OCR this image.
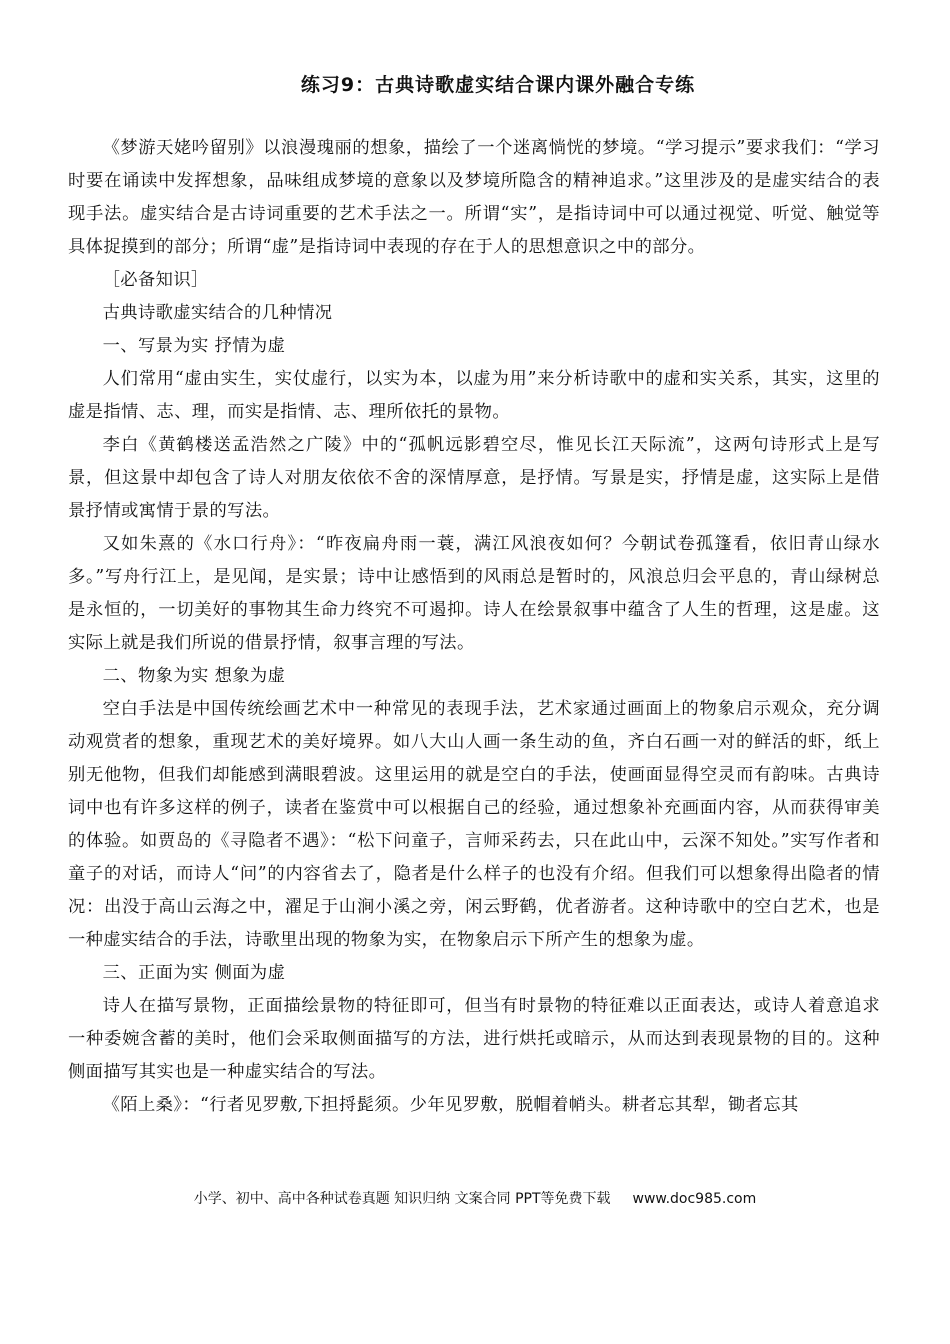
练习9：古典诗歌虚实结合课内课外融合专练

《梦游天姥吟留别》以浪漫瑰丽的想象，描绘了一个迷离惝恍的梦境。“学习提示”要求我们：“学习时要在诵读中发挥想象，品味组成梦境的意象以及梦境所隐含的精神追求。”这里涉及的是虚实结合的表现手法。虚实结合是古诗词重要的艺术手法之一。所谓“实”，是指诗词中可以通过视觉、听觉、触觉等具体捉摸到的部分；所谓“虚”是指诗词中表现的存在于人的思想意识之中的部分。

［必备知识］

古典诗歌虚实结合的几种情况

一、写景为实 抒情为虚

人们常用“虚由实生，实仗虚行，以实为本，以虚为用”来分析诗歌中的虚和实关系，其实，这里的虚是指情、志、理，而实是指情、志、理所依托的景物。

李白《黄鹤楼送孟浩然之广陵》中的“孤帆远影碧空尽，惟见长江天际流”，这两句诗形式上是写景，但这景中却包含了诗人对朋友依依不舍的深情厚意，是抒情。写景是实，抒情是虚，这实际上是借景抒情或寓情于景的写法。

又如朱熹的《水口行舟》：“昨夜扁舟雨一蓑，满江风浪夜如何？今朝试卷孤篷看，依旧青山绿水多。”写舟行江上，是见闻，是实景；诗中让感悟到的风雨总是暂时的，风浪总归会平息的，青山绿树总是永恒的，一切美好的事物其生命力终究不可遏抑。诗人在绘景叙事中蕴含了人生的哲理，这是虚。这实际上就是我们所说的借景抒情，叙事言理的写法。

二、物象为实 想象为虚

空白手法是中国传统绘画艺术中一种常见的表现手法，艺术家通过画面上的物象启示观众，充分调动观赏者的想象，重现艺术的美好境界。如八大山人画一条生动的鱼，齐白石画一对的鲜活的虾，纸上别无他物，但我们却能感到满眼碧波。这里运用的就是空白的手法，使画面显得空灵而有韵味。古典诗词中也有许多这样的例子，读者在鉴赏中可以根据自己的经验，通过想象补充画面内容，从而获得审美的体验。如贾岛的《寻隐者不遇》：“松下问童子，言师采药去，只在此山中，云深不知处。”实写作者和童子的对话，而诗人“问”的内容省去了，隐者是什么样子的也没有介绍。但我们可以想象得出隐者的情况：出没于高山云海之中，濯足于山涧小溪之旁，闲云野鹤，优者游者。这种诗歌中的空白艺术，也是一种虚实结合的手法，诗歌里出现的物象为实，在物象启示下所产生的想象为虚。

三、正面为实 侧面为虚

诗人在描写景物，正面描绘景物的特征即可，但当有时景物的特征难以正面表达，或诗人着意追求一种委婉含蓄的美时，他们会采取侧面描写的方法，进行烘托或暗示，从而达到表现景物的目的。这种侧面描写其实也是一种虚实结合的写法。

《陌上桑》：“行者见罗敷,下担捋髭须。少年见罗敷，脱帽着帩头。耕者忘其犁，锄者忘其

小学、初中、高中各种试卷真题 知识归纳 文案合同 PPT等免费下载 www.doc985.com
